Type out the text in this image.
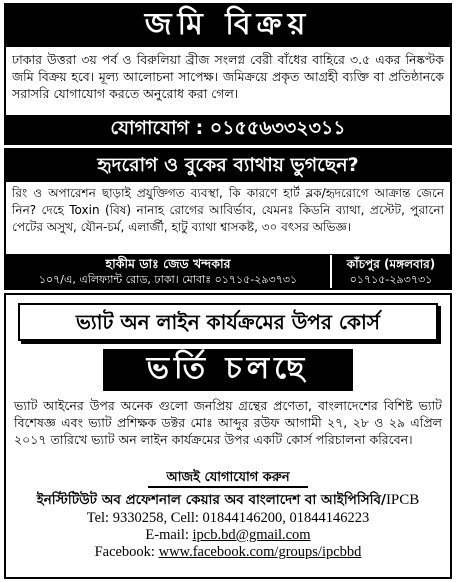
জমি বিক্রয়
ঢাকার উত্তরা ৩য় পর্ব ও বিরুলিয়া ব্রীজ সংলগ্ন বেরী বাঁধের বাহিরে ৩.৫ একর নিষ্কণ্টক জমি বিক্রয় হবে। মূল্য আলোচনা সাপেক্ষ। জমিক্রয়ে প্রকৃত আগ্রহী ব্যক্তি বা প্রতিষ্ঠানকে সরাসরি যোগাযোগ করতে অনুরোধ করা গেল।
যোগাযোগ : ০১৫৫৬৩৩২৩১১
হৃদরোগ ও বুকের ব্যাথায় ভুগছেন?
রিং ও অপারেশন ছাড়াই প্রযুক্তিগত ব্যবস্থা, কি কারণে হার্ট ব্লক/হৃদরোগে আক্রান্ত জেনে নিন? দেহে Toxin (বিষ) নানাহ রোগের আবির্ভাব, যেমনঃ কিডনি ব্যাথা, প্রস্টেট, পুরানো পেটের অসুখ, যৌন-চর্ম, এলার্জী, হাটু ব্যাথা শ্বাসকষ্ট, ৩০ বৎসর অভিজ্ঞ।
হাকীম ডাঃ জেড খন্দকার
১০৭/এ, এলিফ্যান্ট রোড, ঢাকা। মোবাঃ ০১৭১৫-২৯৩৭৩১
কাঁচপুর (মঙ্গলবার)
০১৭১৫-২৯৩৭৩১
ভ্যাট অন লাইন কার্যক্রমের উপর কোর্স
ভর্তি চলছে
ভ্যাট আইনের উপর অনেক গুলো জনপ্রিয় গ্রন্থের প্রণেতা, বাংলাদেশের বিশিষ্ট ভ্যাট বিশেষজ্ঞ এবং ভ্যাট প্রশিক্ষক ডক্টর মোঃ আব্দুর রউফ আগামী ২৭, ২৮ ও ২৯ এপ্রিল ২০১৭ তারিখে ভ্যাট অন লাইন কার্যক্রমের উপর একটি কোর্স পরিচালনা করিবেন।
আজই যোগাযোগ করুন
ইনস্টিটিউট অব প্রফেশনাল কেয়ার অব বাংলাদেশ বা আইপিসিবি/IPCB
Tel: 9330258, Cell: 01844146200, 01844146223
E-mail: ipcb.bd@gmail.com
Facebook: www.facebook.com/groups/ipcbbd
